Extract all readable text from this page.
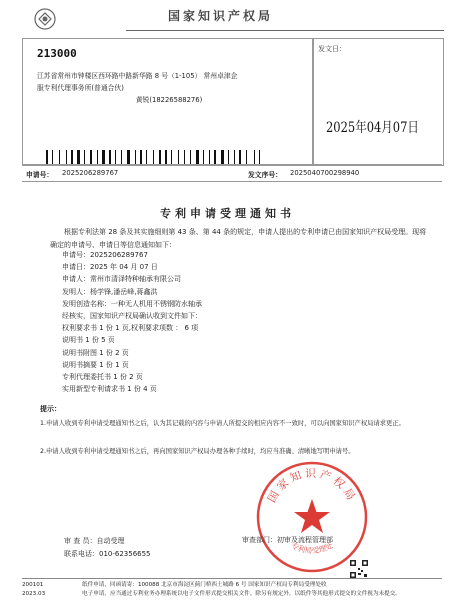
国家知识产权局
213000
江苏省常州市钟楼区西环路中路新华路 8 号（1-105） 常州卓津企
服专利代理事务所(普通合伙)
黄锐(18226588276)
发文日：
2025年04月07日
申请号： 2025206289767	发文序号： 2025040700298940
专利申请受理通知书
根据专利法第 28 条及其实施细则第 43 条、第 44 条的规定，申请人提出的专利申请已由国家知识产权局受理。现将确定的申请号、申请日等信息通知如下：
申请号：2025206289767
申请日：2025 年 04 月 07 日
申请人：常州市清泽特种轴承有限公司
发明人：杨学锋,潘岳峰,蒋鑫洪
发明创造名称：一种无人机用不锈钢防水轴承
经核实，国家知识产权局确认收到文件如下：
权利要求书 1 份 1 页,权利要求项数 ： 6 项
说明书 1 份 5 页
说明书附图 1 份 2 页
说明书摘要 1 份 1 页
专利代理委托书 1 份 2 页
实用新型专利请求书 1 份 4 页
提示：
1.申请人收到专利申请受理通知书之后，认为其记载的内容与申请人所提交的相应内容不一致时，可以向国家知识产权局请求更正。
2.申请人收到专利申请受理通知书之后，再向国家知识产权局办理各种手续时，均应当准确、清晰地写明申请号。
国家知识产权局
专利局受理处
审 查 员：自动受理
联系电话：010-62356655
审查部门：初审及流程管理部
200101
2023.03
纸件申请，回函请寄：100088 北京市海淀区蓟门桥西土城路 6 号 国家知识产权局专利局受理处收
电子申请，应当通过专利业务办理系统以电子文件形式提交相关文件。除另有规定外，以纸件等其他形式提交的文件视为未提交。
